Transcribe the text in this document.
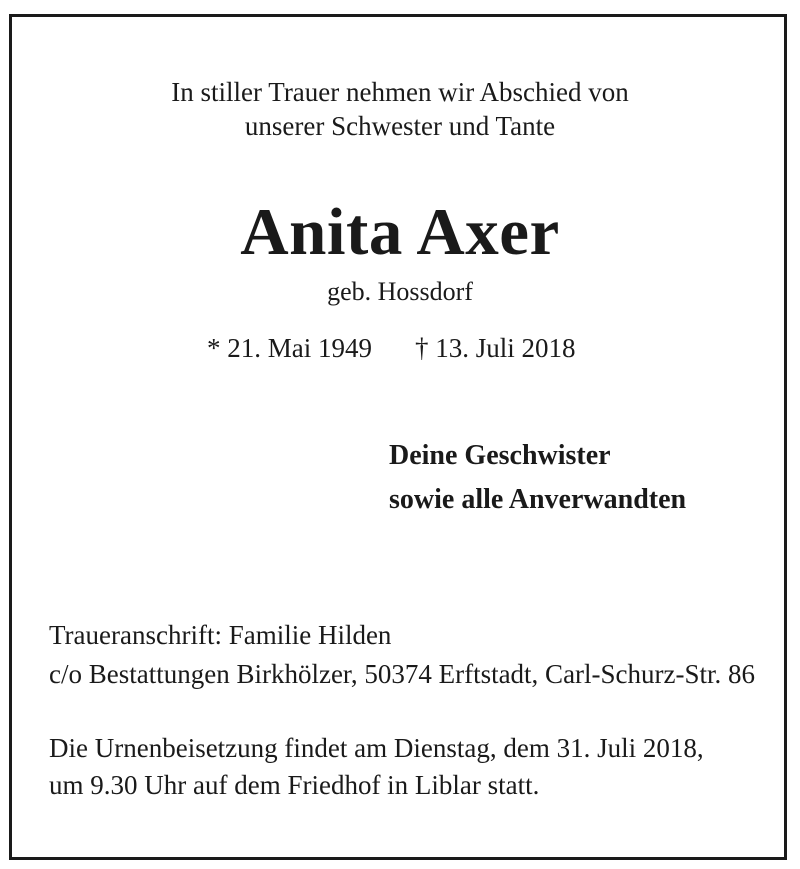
In stiller Trauer nehmen wir Abschied von
unserer Schwester und Tante
Anita Axer
geb. Hossdorf
* 21. Mai 1949 † 13. Juli 2018
Deine Geschwister
sowie alle Anverwandten
Traueranschrift: Familie Hilden
c/o Bestattungen Birkhölzer, 50374 Erftstadt, Carl-Schurz-Str. 86
Die Urnenbeisetzung findet am Dienstag, dem 31. Juli 2018,
um 9.30 Uhr auf dem Friedhof in Liblar statt.
